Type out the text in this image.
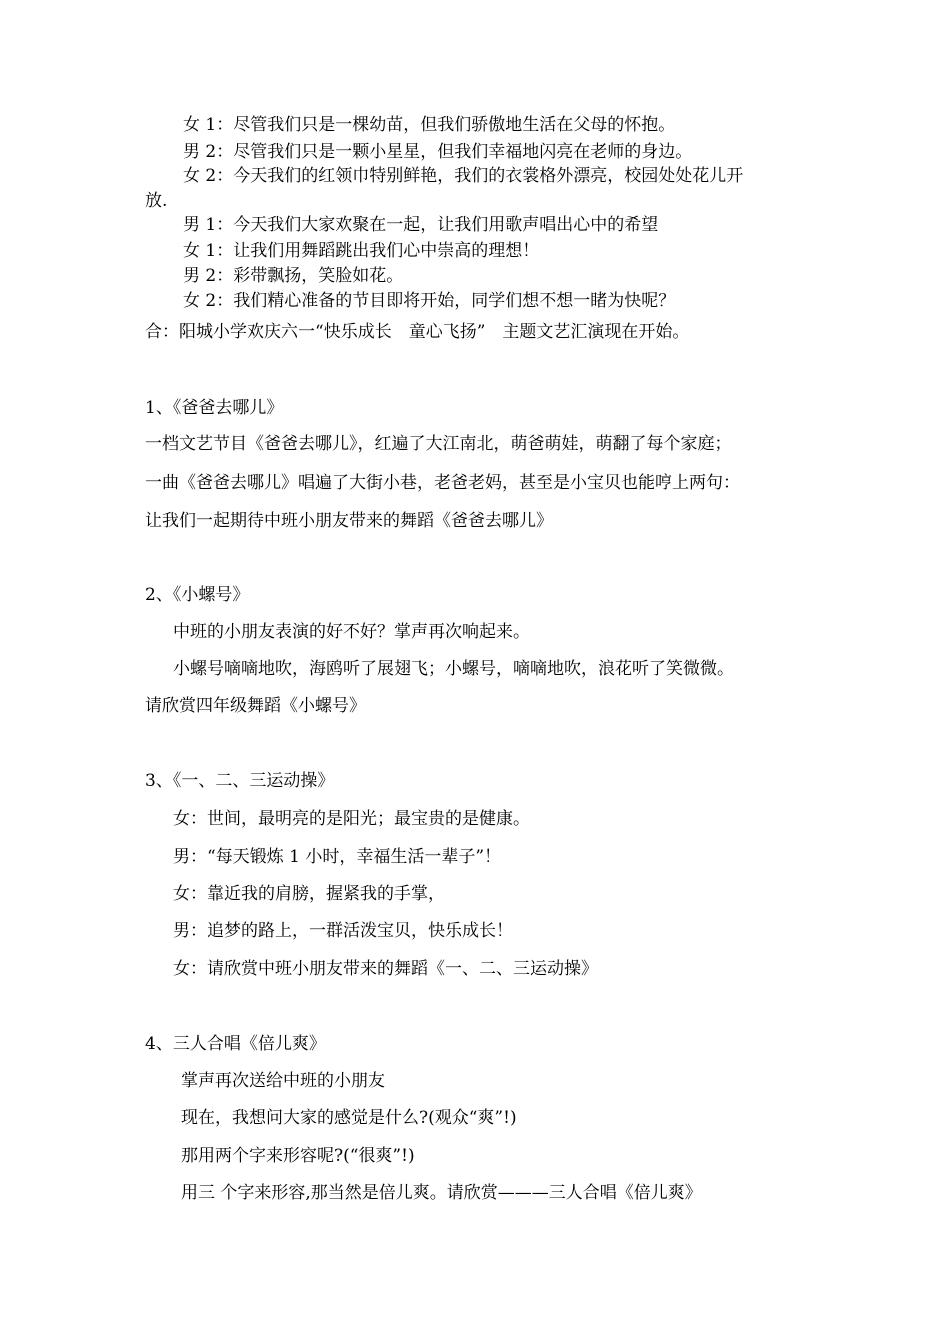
女 1：尽管我们只是一棵幼苗，但我们骄傲地生活在父母的怀抱。
男 2：尽管我们只是一颗小星星，但我们幸福地闪亮在老师的身边。
女 2：今天我们的红领巾特别鲜艳，我们的衣裳格外漂亮，校园处处花儿开
放.
男 1：今天我们大家欢聚在一起，让我们用歌声唱出心中的希望
女 1：让我们用舞蹈跳出我们心中崇高的理想！
男 2：彩带飘扬，笑脸如花。
女 2：我们精心准备的节目即将开始，同学们想不想一睹为快呢？
合：阳城小学欢庆六一“快乐成长　童心飞扬”　主题文艺汇演现在开始。
1、《爸爸去哪儿》
一档文艺节目《爸爸去哪儿》，红遍了大江南北，萌爸萌娃，萌翻了每个家庭；
一曲《爸爸去哪儿》唱遍了大街小巷，老爸老妈，甚至是小宝贝也能哼上两句：
让我们一起期待中班小朋友带来的舞蹈《爸爸去哪儿》
2、《小螺号》
中班的小朋友表演的好不好？掌声再次响起来。
小螺号嘀嘀地吹，海鸥听了展翅飞；小螺号，嘀嘀地吹，浪花听了笑微微。
请欣赏四年级舞蹈《小螺号》
3、《一、二、三运动操》
女：世间，最明亮的是阳光；最宝贵的是健康。
男：“每天锻炼 1 小时，幸福生活一辈子”！
女：靠近我的肩膀，握紧我的手掌，
男：追梦的路上，一群活泼宝贝，快乐成长！
女：请欣赏中班小朋友带来的舞蹈《一、二、三运动操》
4、三人合唱《倍儿爽》
掌声再次送给中班的小朋友
现在，我想问大家的感觉是什么?(观众“爽”!)
那用两个字来形容呢?(“很爽”!)
用三 个字来形容,那当然是倍儿爽。请欣赏———三人合唱《倍儿爽》
